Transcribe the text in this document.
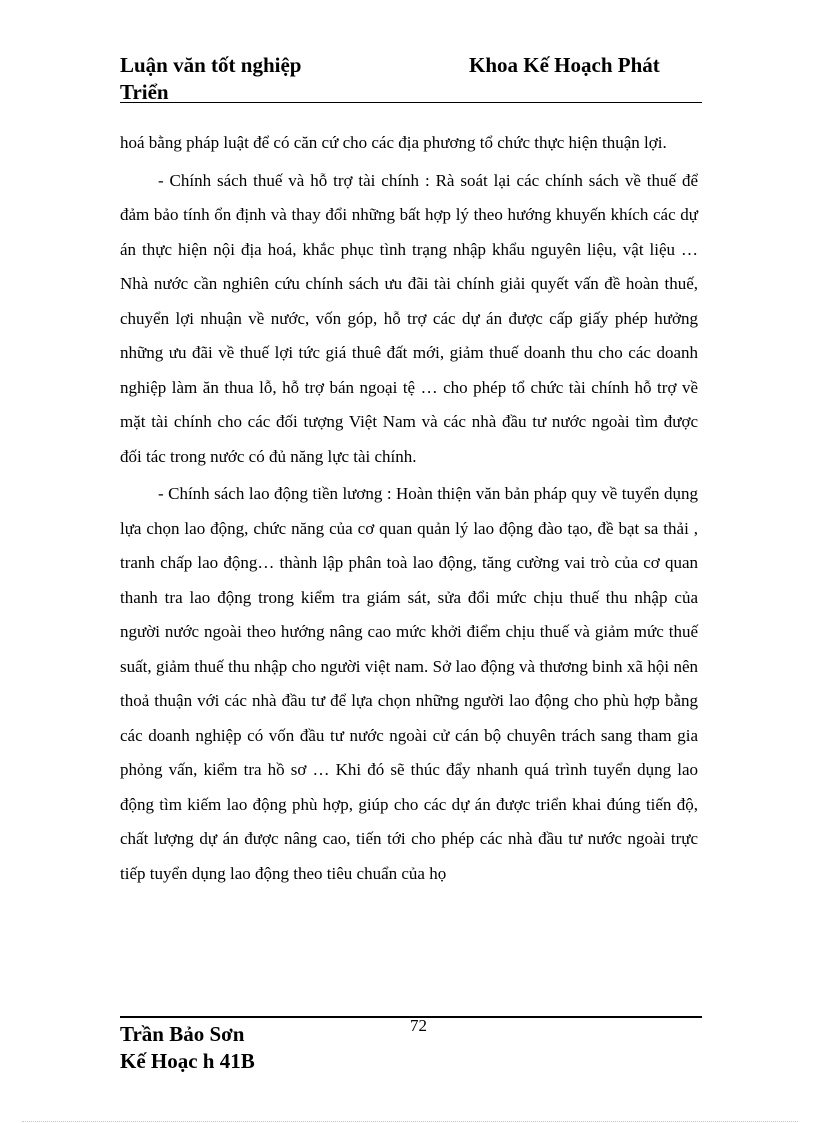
Luận văn tốt nghiệp
Triển
Khoa Kế Hoạch Phát

hoá bằng pháp luật để có căn cứ cho các địa phương tổ chức thực hiện thuận lợi.

- Chính sách thuế và hỗ trợ tài chính : Rà soát lại các chính sách về thuế để đảm bảo tính ổn định và thay đổi những bất hợp lý theo hướng khuyến khích các dự án thực hiện nội địa hoá, khắc phục tình trạng nhập khẩu nguyên liệu, vật liệu … Nhà nước cần nghiên cứu chính sách ưu đãi tài chính giải quyết vấn đề hoàn thuế, chuyển lợi nhuận về nước, vốn góp, hỗ trợ các dự án được cấp giấy phép hưởng những ưu đãi về thuế lợi tức giá thuê đất mới, giảm thuế doanh thu cho các doanh nghiệp làm ăn thua lỗ, hỗ trợ bán ngoại tệ … cho phép tổ chức tài chính hỗ trợ về mặt tài chính cho các đối tượng Việt Nam và các nhà đầu tư nước ngoài tìm được đối tác trong nước có đủ năng lực tài chính.

- Chính sách lao động tiền lương : Hoàn thiện văn bản pháp quy về tuyển dụng lựa chọn lao động, chức năng của cơ quan quản lý lao động đào tạo, đề bạt sa thải , tranh chấp lao động… thành lập phân toà lao động, tăng cường vai trò của cơ quan thanh tra lao động trong kiểm tra giám sát, sửa đổi mức chịu thuế thu nhập của người nước ngoài theo hướng nâng cao mức khởi điểm chịu thuế và giảm mức thuế suất, giảm thuế thu nhập cho người việt nam. Sở lao động và thương binh xã hội nên thoả thuận với các nhà đầu tư để lựa chọn những người lao động cho phù hợp bằng các doanh nghiệp có vốn đầu tư nước ngoài cử cán bộ chuyên trách sang tham gia phỏng vấn, kiểm tra hồ sơ … Khi đó sẽ thúc đẩy nhanh quá trình tuyển dụng lao động tìm kiếm lao động phù hợp, giúp cho các dự án được triển khai đúng tiến độ, chất lượng dự án được nâng cao, tiến tới cho phép các nhà đầu tư nước ngoài trực tiếp tuyển dụng lao động theo tiêu chuẩn của họ

72
Trần Bảo Sơn
Kế Hoạc h 41B
